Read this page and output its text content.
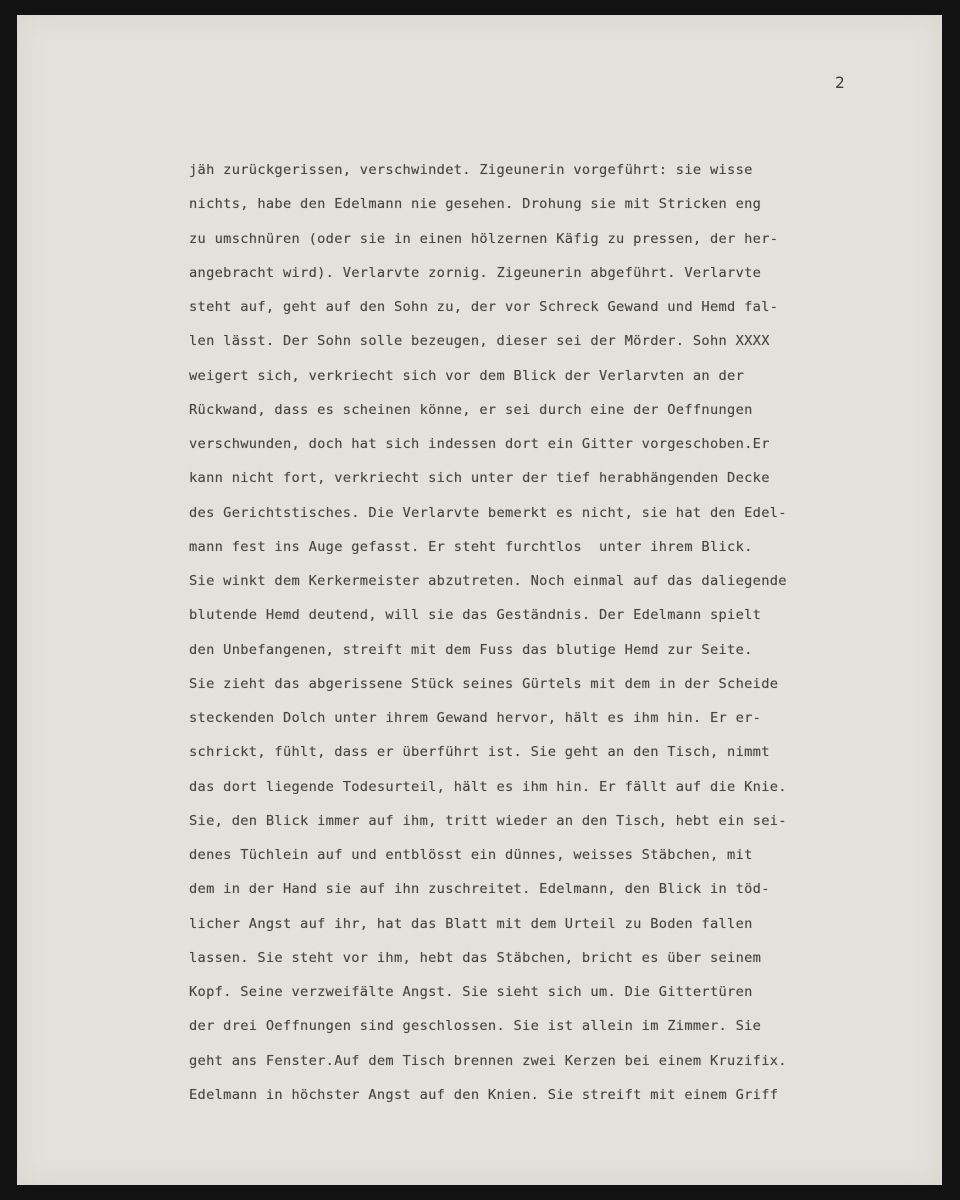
2
jäh zurückgerissen, verschwindet. Zigeunerin vorgeführt: sie wisse
nichts, habe den Edelmann nie gesehen. Drohung sie mit Stricken eng
zu umschnüren (oder sie in einen hölzernen Käfig zu pressen, der her-
angebracht wird). Verlarvte zornig. Zigeunerin abgeführt. Verlarvte
steht auf, geht auf den Sohn zu, der vor Schreck Gewand und Hemd fal-
len lässt. Der Sohn solle bezeugen, dieser sei der Mörder. Sohn XXXX
weigert sich, verkriecht sich vor dem Blick der Verlarvten an der
Rückwand, dass es scheinen könne, er sei durch eine der Oeffnungen
verschwunden, doch hat sich indessen dort ein Gitter vorgeschoben.Er
kann nicht fort, verkriecht sich unter der tief herabhängenden Decke
des Gerichtstisches. Die Verlarvte bemerkt es nicht, sie hat den Edel-
mann fest ins Auge gefasst. Er steht furchtlos  unter ihrem Blick.
Sie winkt dem Kerkermeister abzutreten. Noch einmal auf das daliegende
blutende Hemd deutend, will sie das Geständnis. Der Edelmann spielt
den Unbefangenen, streift mit dem Fuss das blutige Hemd zur Seite.
Sie zieht das abgerissene Stück seines Gürtels mit dem in der Scheide
steckenden Dolch unter ihrem Gewand hervor, hält es ihm hin. Er er-
schrickt, fühlt, dass er überführt ist. Sie geht an den Tisch, nimmt
das dort liegende Todesurteil, hält es ihm hin. Er fällt auf die Knie.
Sie, den Blick immer auf ihm, tritt wieder an den Tisch, hebt ein sei-
denes Tüchlein auf und entblösst ein dünnes, weisses Stäbchen, mit
dem in der Hand sie auf ihn zuschreitet. Edelmann, den Blick in töd-
licher Angst auf ihr, hat das Blatt mit dem Urteil zu Boden fallen
lassen. Sie steht vor ihm, hebt das Stäbchen, bricht es über seinem
Kopf. Seine verzweifälte Angst. Sie sieht sich um. Die Gittertüren
der drei Oeffnungen sind geschlossen. Sie ist allein im Zimmer. Sie
geht ans Fenster.Auf dem Tisch brennen zwei Kerzen bei einem Kruzifix.
Edelmann in höchster Angst auf den Knien. Sie streift mit einem Griff
